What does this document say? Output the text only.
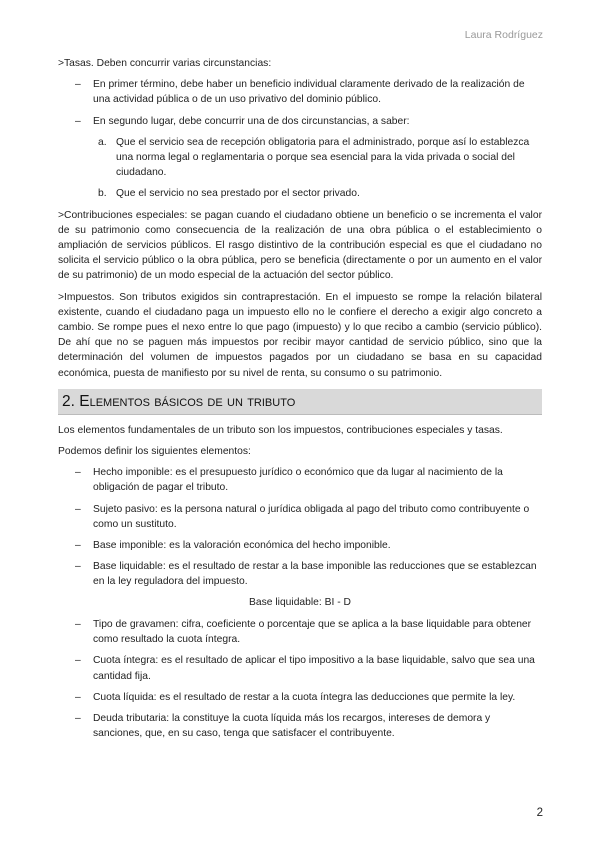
Laura Rodríguez

>Tasas. Deben concurrir varias circunstancias:

– En primer término, debe haber un beneficio individual claramente derivado de la realización de una actividad pública o de un uso privativo del dominio público.
– En segundo lugar, debe concurrir una de dos circunstancias, a saber:
a. Que el servicio sea de recepción obligatoria para el administrado, porque así lo establezca una norma legal o reglamentaria o porque sea esencial para la vida privada o social del ciudadano.
b. Que el servicio no sea prestado por el sector privado.

>Contribuciones especiales: se pagan cuando el ciudadano obtiene un beneficio o se incrementa el valor de su patrimonio como consecuencia de la realización de una obra pública o el establecimiento o ampliación de servicios públicos. El rasgo distintivo de la contribución especial es que el ciudadano no solicita el servicio público o la obra pública, pero se beneficia (directamente o por un aumento en el valor de su patrimonio) de un modo especial de la actuación del sector público.

>Impuestos. Son tributos exigidos sin contraprestación. En el impuesto se rompe la relación bilateral existente, cuando el ciudadano paga un impuesto ello no le confiere el derecho a exigir algo concreto a cambio. Se rompe pues el nexo entre lo que pago (impuesto) y lo que recibo a cambio (servicio público). De ahí que no se paguen más impuestos por recibir mayor cantidad de servicio público, sino que la determinación del volumen de impuestos pagados por un ciudadano se basa en su capacidad económica, puesta de manifiesto por su nivel de renta, su consumo o su patrimonio.

2. Elementos básicos de un tributo

Los elementos fundamentales de un tributo son los impuestos, contribuciones especiales y tasas.

Podemos definir los siguientes elementos:

– Hecho imponible: es el presupuesto jurídico o económico que da lugar al nacimiento de la obligación de pagar el tributo.
– Sujeto pasivo: es la persona natural o jurídica obligada al pago del tributo como contribuyente o como un sustituto.
– Base imponible: es la valoración económica del hecho imponible.
– Base liquidable: es el resultado de restar a la base imponible las reducciones que se establezcan en la ley reguladora del impuesto.
Base liquidable: BI - D
– Tipo de gravamen: cifra, coeficiente o porcentaje que se aplica a la base liquidable para obtener como resultado la cuota íntegra.
– Cuota íntegra: es el resultado de aplicar el tipo impositivo a la base liquidable, salvo que sea una cantidad fija.
– Cuota líquida: es el resultado de restar a la cuota íntegra las deducciones que permite la ley.
– Deuda tributaria: la constituye la cuota líquida más los recargos, intereses de demora y sanciones, que, en su caso, tenga que satisfacer el contribuyente.
2
